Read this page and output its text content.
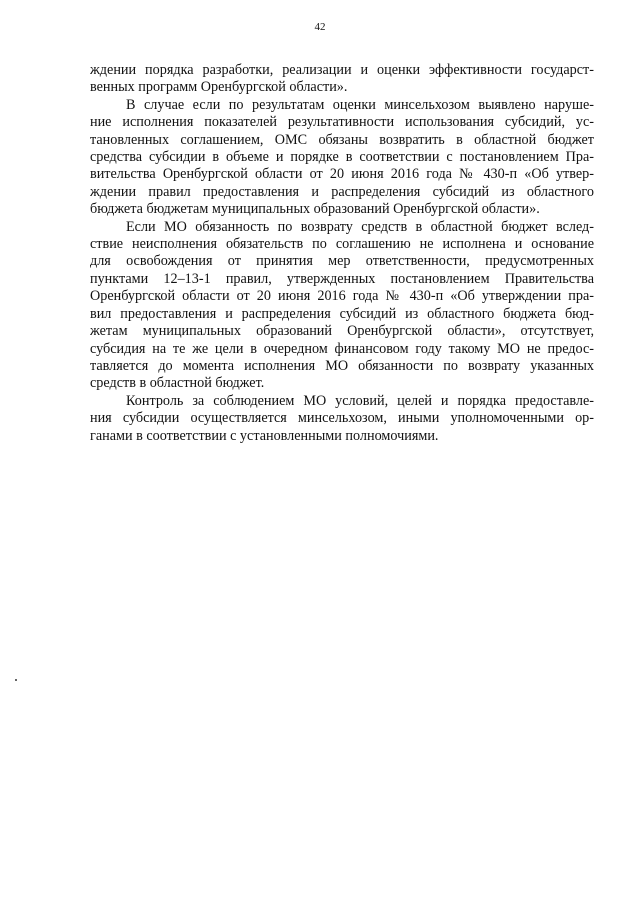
42

ждении порядка разработки, реализации и оценки эффективности государст-
венных программ Оренбургской области».

В случае если по результатам оценки минсельхозом выявлено наруше-
ние исполнения показателей результативности использования субсидий, ус-
тановленных соглашением, ОМС обязаны возвратить в областной бюджет
средства субсидии в объеме и порядке в соответствии с постановлением Пра-
вительства Оренбургской области от 20 июня 2016 года № 430-п «Об утвер-
ждении правил предоставления и распределения субсидий из областного
бюджета бюджетам муниципальных образований Оренбургской области».

Если МО обязанность по возврату средств в областной бюджет вслед-
ствие неисполнения обязательств по соглашению не исполнена и основание
для освобождения от принятия мер ответственности, предусмотренных
пунктами 12–13-1 правил, утвержденных постановлением Правительства
Оренбургской области от 20 июня 2016 года № 430-п «Об утверждении пра-
вил предоставления и распределения субсидий из областного бюджета бюд-
жетам муниципальных образований Оренбургской области», отсутствует,
субсидия на те же цели в очередном финансовом году такому МО не предос-
тавляется до момента исполнения МО обязанности по возврату указанных
средств в областной бюджет.

Контроль за соблюдением МО условий, целей и порядка предоставле-
ния субсидии осуществляется минсельхозом, иными уполномоченными ор-
ганами в соответствии с установленными полномочиями.
